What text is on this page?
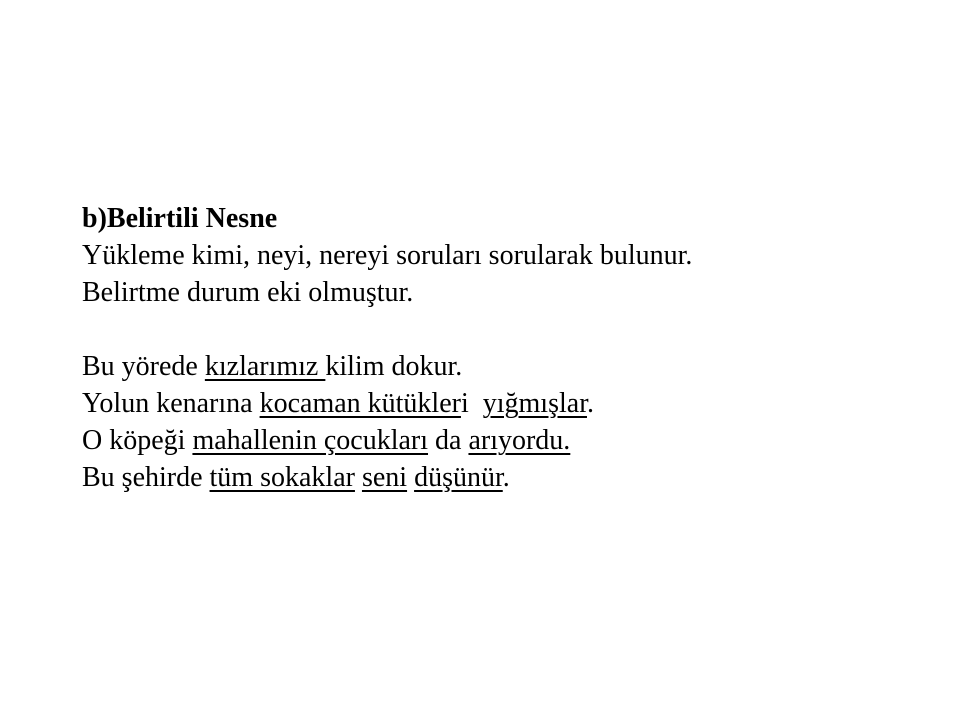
b)Belirtili Nesne

Yükleme kimi, neyi, nereyi soruları sorularak bulunur.

Belirtme durum eki olmuştur.

Bu yörede kızlarımız kilim dokur.

Yolun kenarına kocaman kütükleri  yığmışlar.

O köpeği mahallenin çocukları da arıyordu.

Bu şehirde tüm sokaklar seni düşünür.
